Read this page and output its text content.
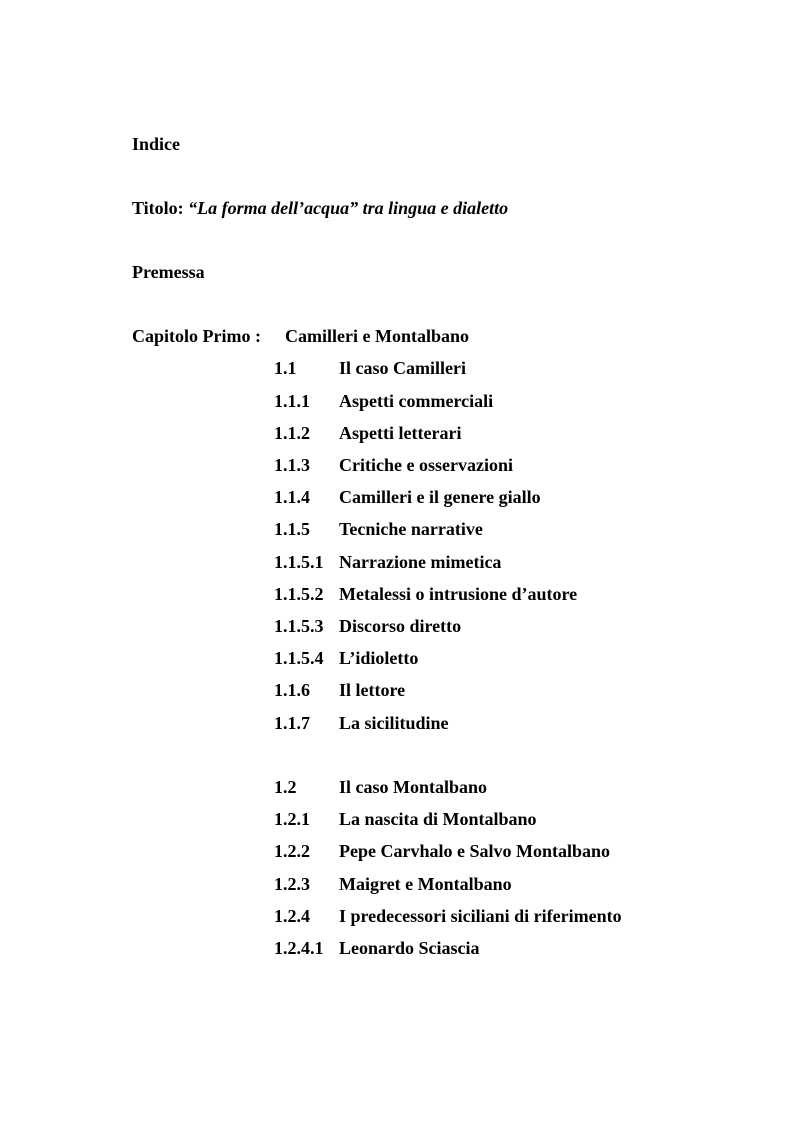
Indice
Titolo: “La forma dell’acqua” tra lingua e dialetto
Premessa
Capitolo Primo : Camilleri e Montalbano
1.1 Il caso Camilleri
1.1.1 Aspetti commerciali
1.1.2 Aspetti letterari
1.1.3 Critiche e osservazioni
1.1.4 Camilleri e il genere giallo
1.1.5 Tecniche narrative
1.1.5.1 Narrazione mimetica
1.1.5.2 Metalessi o intrusione d’autore
1.1.5.3 Discorso diretto
1.1.5.4 L’idioletto
1.1.6 Il lettore
1.1.7 La sicilitudine
1.2 Il caso Montalbano
1.2.1 La nascita di Montalbano
1.2.2 Pepe Carvhalo e Salvo Montalbano
1.2.3 Maigret e Montalbano
1.2.4 I predecessori siciliani di riferimento
1.2.4.1 Leonardo Sciascia
